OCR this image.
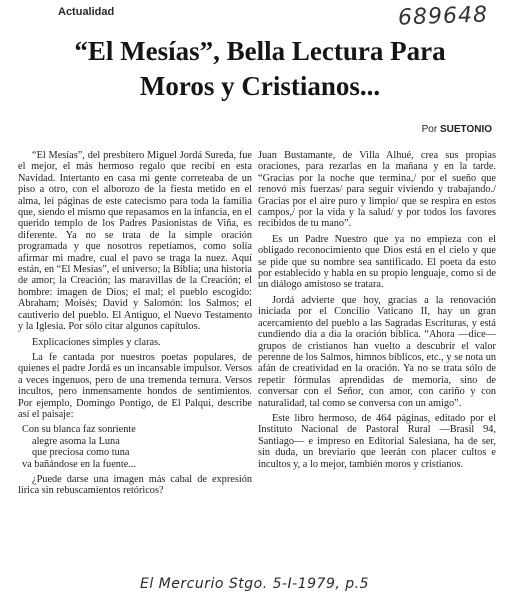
Actualidad	689648
“El Mesías”, Bella Lectura Para Moros y Cristianos...
Por SUETONIO

“El Mesías”, del presbítero Miguel Jordá Sureda, fue el mejor, el más hermoso regalo que recibí en esta Navidad. Intertanto en casa mi gente correteaba de un piso a otro, con el alborozo de la fiesta metido en el alma, leí páginas de este catecismo para toda la familia que, siendo el mismo que repasamos en la infancia, en el querido templo de los Padres Pasionistas de Viña, es diferente. Ya no se trata de la simple oración programada y que nosotros repetíamos, como solía afirmar mi madre, cual el pavo se traga la nuez. Aquí están, en “El Mesías”, el universo; la Biblia; una historia de amor; la Creación; las maravillas de la Creación; el hombre: imagen de Dios; el mal; el pueblo escogido: Abraham; Moisés; David y Salomón: los Salmos; el cautiverio del pueblo. El Antiguo, el Nuevo Testamento y la Iglesia. Por sólo citar algunos capítulos.

Explicaciones simples y claras.

La fe cantada por nuestros poetas populares, de quienes el padre Jordá es un incansable impulsor. Versos a veces ingenuos, pero de una tremenda ternura. Versos incultos, pero inmensamente hondos de sentimientos. Por ejemplo, Domingo Pontigo, de El Palqui, describe así el paisaje:

Con su blanca faz sonriente
alegre asoma la Luna
que preciosa como tuna
va bañándose en la fuente...

¿Puede darse una imagen más cabal de expresión lírica sin rebuscamientos retóricos?

Juan Bustamante, de Villa Alhué, crea sus propias oraciones, para rezarlas en la mañana y en la tarde. “Gracias por la noche que termina,/ por el sueño que renovó mis fuerzas/ para seguir viviendo y trabajando./ Gracias por el aire puro y limpio/ que se respira en estos campos,/ por la vida y la salud/ y por todos los favores recibidos de tu mano”.

Es un Padre Nuestro que ya no empieza con el obligado reconocimiento que Dios está en el cielo y que se pide que su nombre sea santificado. El poeta da esto por establecido y habla en su propio lenguaje, como si de un diálogo amistoso se tratara.

Jordá advierte que hoy, gracias a la renovación iniciada por el Concilio Vaticano II, hay un gran acercamiento del pueblo a las Sagradas Escrituras, y está cundiendo día a día la oración bíblica. “Ahora —dice— grupos de cristianos han vuelto a descubrir el valor perenne de los Salmos, himnos bíblicos, etc., y se nota un afán de creatividad en la oración. Ya no se trata sólo de repetir fórmulas aprendidas de memoria, sino de conversar con el Señor, con amor, con cariño y con naturalidad, tal como se conversa con un amigo”.

Este libro hermoso, de 464 páginas, editado por el Instituto Nacional de Pastoral Rural —Brasil 94, Santiago— e impreso en Editorial Salesiana, ha de ser, sin duda, un breviario que leerán con placer cultos e incultos y, a lo mejor, también moros y cristianos.

El Mercurio Stgo. 5-I-1979, p.5
